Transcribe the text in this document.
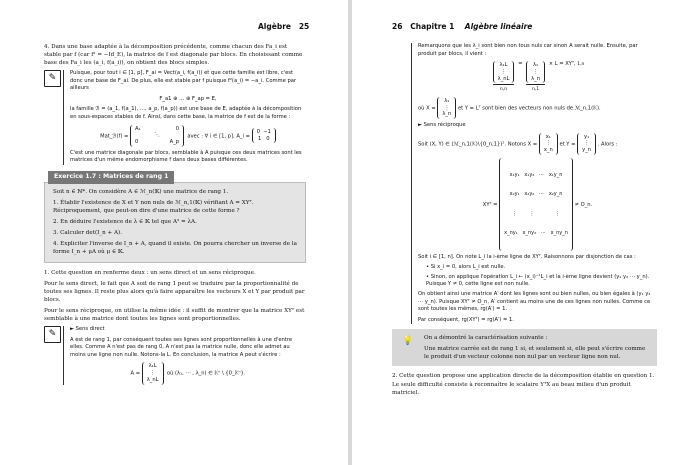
Algèbre 25

4. Dans une base adaptée à la décomposition précédente, comme chacun des Fa_i est stable par f (car f² = −Id_E), la matrice de f est diagonale par blocs. En choisissant comme base des Fa_i les (a_i, f(a_i)), on obtient des blocs simples.

✎	Puisque, pour tout i ∈ [1, p], F_ai = Vect(a_i, f(a_i)) et que cette famille est libre, c'est donc une base de F_ai. De plus, elle est stable par f puisque f²(a_i) = −a_i. Comme par ailleurs

F_a1 ⊕ … ⊕ F_ap = E,

la famille ℬ = (a_1, f(a_1), …, a_p, f(a_p)) est une base de E, adaptée à la décomposition en sous-espaces stables de f. Ainsi, dans cette base, la matrice de f est de la forme :

Mat_ℬ(f) =
A₁	0
⋱
0	A_p
avec : ∀ i ∈ [1, p], A_i =
0 −1
1 0

C'est une matrice diagonale par blocs, semblable à A puisque ces deux matrices sont les matrices d'un même endomorphisme f dans deux bases différentes.

Exercice 1.7 : Matrices de rang 1

Soit n ∈ ℕ*. On considère A ∈ ℳ_n(𝕂) une matrice de rang 1.

1. Établir l'existence de X et Y non nuls de ℳ_n,1(𝕂) vérifiant A = XYᵀ. Réciproquement, que peut-on dire d'une matrice de cette forme ?

2. En déduire l'existence de λ ∈ 𝕂 tel que A² = λA.

3. Calculer det(I_n + A).

4. Expliciter l'inverse de I_n + A, quand il existe. On pourra chercher un inverse de la forme I_n + μA où μ ∈ 𝕂.

1. Cette question en renferme deux : un sens direct et un sens réciproque.

Pour le sens direct, le fait que A soit de rang 1 peut se traduire par la proportionnalité de toutes ses lignes. Il reste plus alors qu'à faire apparaître les vecteurs X et Y par produit par blocs.

Pour le sens réciproque, on utilise la même idée : il suffit de montrer que la matrice XYᵀ est semblable à une matrice dont toutes les lignes sont proportionnelles.

✎	► Sens direct

A est de rang 1, par conséquent toutes ses lignes sont proportionnelles à une d'entre elles. Comme A n'est pas de rang 0, A n'est pas la matrice nulle, donc elle admet au moins une ligne non nulle. Notons-la L. En conclusion, la matrice A peut s'écrire :

A =
λ₁L
⋮
λ_nL
où (λ₁, ⋯ , λ_n) ∈ 𝕂ⁿ \ {0_𝕂ⁿ}.
26 Chapitre 1 Algèbre linéaire

Remarquons que les λ_i sont bien non tous nuls car sinon A serait nulle. Ensuite, par produit par blocs, il vient :

λ₁L
⋮
λ_nL
n,n = λ₁
⋮
λ_n
n,1 × L = XYᵀ, 1,n

où X =
λ₁
⋮
λ_n
et Y = Lᵀ sont bien des vecteurs non nuls de ℳ_n,1(𝕂).

► Sens réciproque

Soit (X, Y) ∈ (ℳ_n,1(𝕂)\{0_n,1})². Notons X =
x₁
⋮
x_n
et Y =
y₁
⋮
y_n
. Alors :

XYᵀ =

x₁y₁   x₁y₂   ⋯   x₁y_n

x₂y₁   x₂y₂   ⋯   x₂y_n

⋮        ⋮             ⋮

x_ny₁   x_ny₂   ⋯   x_ny_n

≠ O_n.

Soit i ∈ [1, n]. On note L_i la i-ème ligne de XYᵀ. Raisonnons par disjonction de cas :

• Si x_i = 0, alors L_i est nulle.

• Sinon, on applique l'opération L_i ← (x_i)⁻¹L_i et la i-ème ligne devient (y₁ y₂ ⋯ y_n). Puisque Y ≠ 0, cette ligne est non nulle.

On obtient ainsi une matrice A′ dont les lignes sont ou bien nulles, ou bien égales à (y₁ y₂ ⋯ y_n). Puisque XYᵀ ≠ O_n, A′ contient au moins une de ces lignes non nulles. Comme ce sont toutes les mêmes, rg(A′) = 1.

Par conséquent, rg(XYᵀ) = rg(A′) = 1.

💡 On a démontré la caractérisation suivante :

Une matrice carrée est de rang 1 si, et seulement si, elle peut s'écrire comme le produit d'un vecteur colonne non nul par un vecteur ligne non nul.

2. Cette question propose une application directe de la décomposition établie en question 1. Le seule difficulté consiste à reconnaître le scalaire YᵀX au beau milieu d'un produit matriciel.
